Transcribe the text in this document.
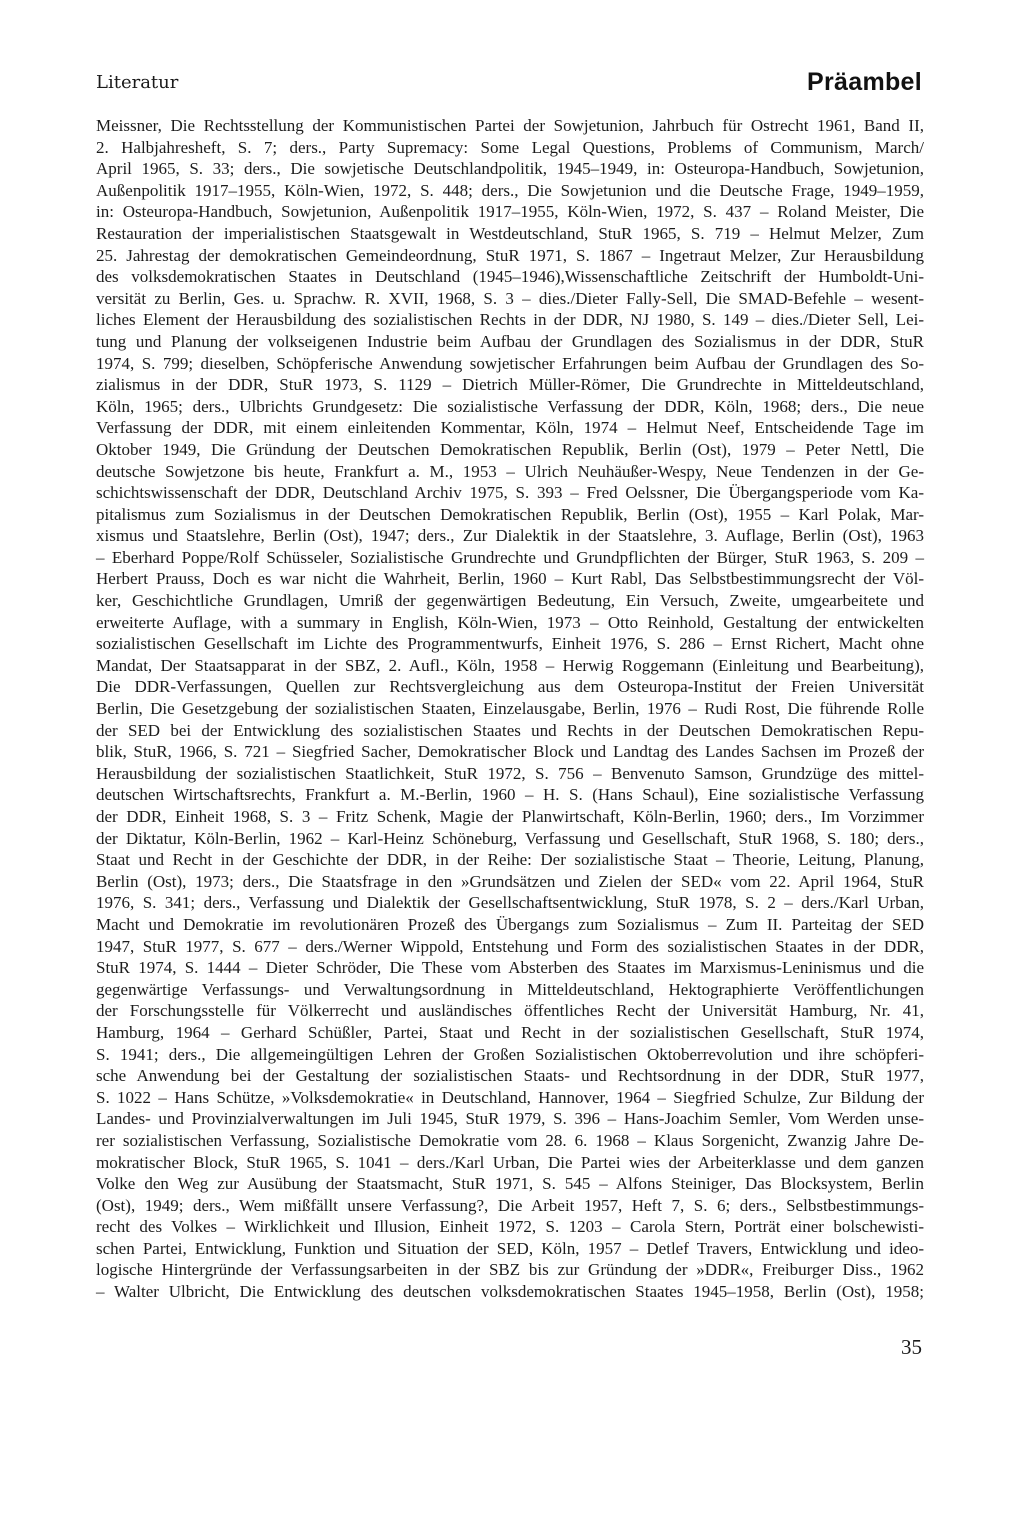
Literatur	Präambel
Meissner, Die Rechtsstellung der Kommunistischen Partei der Sowjetunion, Jahrbuch für Ostrecht 1961, Band II,
2. Halbjahresheft, S. 7; ders., Party Supremacy: Some Legal Questions, Problems of Communism, March/
April 1965, S. 33; ders., Die sowjetische Deutschlandpolitik, 1945–1949, in: Osteuropa-Handbuch, Sowjetunion,
Außenpolitik 1917–1955, Köln-Wien, 1972, S. 448; ders., Die Sowjetunion und die Deutsche Frage, 1949–1959,
in: Osteuropa-Handbuch, Sowjetunion, Außenpolitik 1917–1955, Köln-Wien, 1972, S. 437 – Roland Meister, Die
Restauration der imperialistischen Staatsgewalt in Westdeutschland, StuR 1965, S. 719 – Helmut Melzer, Zum
25. Jahrestag der demokratischen Gemeindeordnung, StuR 1971, S. 1867 – Ingetraut Melzer, Zur Herausbildung
des volksdemokratischen Staates in Deutschland (1945–1946),Wissenschaftliche Zeitschrift der Humboldt-Uni-
versität zu Berlin, Ges. u. Sprachw. R. XVII, 1968, S. 3 – dies./Dieter Fally-Sell, Die SMAD-Befehle – wesent-
liches Element der Herausbildung des sozialistischen Rechts in der DDR, NJ 1980, S. 149 – dies./Dieter Sell, Lei-
tung und Planung der volkseigenen Industrie beim Aufbau der Grundlagen des Sozialismus in der DDR, StuR
1974, S. 799; dieselben, Schöpferische Anwendung sowjetischer Erfahrungen beim Aufbau der Grundlagen des So-
zialismus in der DDR, StuR 1973, S. 1129 – Dietrich Müller-Römer, Die Grundrechte in Mitteldeutschland,
Köln, 1965; ders., Ulbrichts Grundgesetz: Die sozialistische Verfassung der DDR, Köln, 1968; ders., Die neue
Verfassung der DDR, mit einem einleitenden Kommentar, Köln, 1974 – Helmut Neef, Entscheidende Tage im
Oktober 1949, Die Gründung der Deutschen Demokratischen Republik, Berlin (Ost), 1979 – Peter Nettl, Die
deutsche Sowjetzone bis heute, Frankfurt a. M., 1953 – Ulrich Neuhäußer-Wespy, Neue Tendenzen in der Ge-
schichtswissenschaft der DDR, Deutschland Archiv 1975, S. 393 – Fred Oelssner, Die Übergangsperiode vom Ka-
pitalismus zum Sozialismus in der Deutschen Demokratischen Republik, Berlin (Ost), 1955 – Karl Polak, Mar-
xismus und Staatslehre, Berlin (Ost), 1947; ders., Zur Dialektik in der Staatslehre, 3. Auflage, Berlin (Ost), 1963
– Eberhard Poppe/Rolf Schüsseler, Sozialistische Grundrechte und Grundpflichten der Bürger, StuR 1963, S. 209 –
Herbert Prauss, Doch es war nicht die Wahrheit, Berlin, 1960 – Kurt Rabl, Das Selbstbestimmungsrecht der Völ-
ker, Geschichtliche Grundlagen, Umriß der gegenwärtigen Bedeutung, Ein Versuch, Zweite, umgearbeitete und
erweiterte Auflage, with a summary in English, Köln-Wien, 1973 – Otto Reinhold, Gestaltung der entwickelten
sozialistischen Gesellschaft im Lichte des Programmentwurfs, Einheit 1976, S. 286 – Ernst Richert, Macht ohne
Mandat, Der Staatsapparat in der SBZ, 2. Aufl., Köln, 1958 – Herwig Roggemann (Einleitung und Bearbeitung),
Die DDR-Verfassungen, Quellen zur Rechtsvergleichung aus dem Osteuropa-Institut der Freien Universität
Berlin, Die Gesetzgebung der sozialistischen Staaten, Einzelausgabe, Berlin, 1976 – Rudi Rost, Die führende Rolle
der SED bei der Entwicklung des sozialistischen Staates und Rechts in der Deutschen Demokratischen Repu-
blik, StuR, 1966, S. 721 – Siegfried Sacher, Demokratischer Block und Landtag des Landes Sachsen im Prozeß der
Herausbildung der sozialistischen Staatlichkeit, StuR 1972, S. 756 – Benvenuto Samson, Grundzüge des mittel-
deutschen Wirtschaftsrechts, Frankfurt a. M.-Berlin, 1960 – H. S. (Hans Schaul), Eine sozialistische Verfassung
der DDR, Einheit 1968, S. 3 – Fritz Schenk, Magie der Planwirtschaft, Köln-Berlin, 1960; ders., Im Vorzimmer
der Diktatur, Köln-Berlin, 1962 – Karl-Heinz Schöneburg, Verfassung und Gesellschaft, StuR 1968, S. 180; ders.,
Staat und Recht in der Geschichte der DDR, in der Reihe: Der sozialistische Staat – Theorie, Leitung, Planung,
Berlin (Ost), 1973; ders., Die Staatsfrage in den »Grundsätzen und Zielen der SED« vom 22. April 1964, StuR
1976, S. 341; ders., Verfassung und Dialektik der Gesellschaftsentwicklung, StuR 1978, S. 2 – ders./Karl Urban,
Macht und Demokratie im revolutionären Prozeß des Übergangs zum Sozialismus – Zum II. Parteitag der SED
1947, StuR 1977, S. 677 – ders./Werner Wippold, Entstehung und Form des sozialistischen Staates in der DDR,
StuR 1974, S. 1444 – Dieter Schröder, Die These vom Absterben des Staates im Marxismus-Leninismus und die
gegenwärtige Verfassungs- und Verwaltungsordnung in Mitteldeutschland, Hektographierte Veröffentlichungen
der Forschungsstelle für Völkerrecht und ausländisches öffentliches Recht der Universität Hamburg, Nr. 41,
Hamburg, 1964 – Gerhard Schüßler, Partei, Staat und Recht in der sozialistischen Gesellschaft, StuR 1974,
S. 1941; ders., Die allgemeingültigen Lehren der Großen Sozialistischen Oktoberrevolution und ihre schöpferi-
sche Anwendung bei der Gestaltung der sozialistischen Staats- und Rechtsordnung in der DDR, StuR 1977,
S. 1022 – Hans Schütze, »Volksdemokratie« in Deutschland, Hannover, 1964 – Siegfried Schulze, Zur Bildung der
Landes- und Provinzialverwaltungen im Juli 1945, StuR 1979, S. 396 – Hans-Joachim Semler, Vom Werden unse-
rer sozialistischen Verfassung, Sozialistische Demokratie vom 28. 6. 1968 – Klaus Sorgenicht, Zwanzig Jahre De-
mokratischer Block, StuR 1965, S. 1041 – ders./Karl Urban, Die Partei wies der Arbeiterklasse und dem ganzen
Volke den Weg zur Ausübung der Staatsmacht, StuR 1971, S. 545 – Alfons Steiniger, Das Blocksystem, Berlin
(Ost), 1949; ders., Wem mißfällt unsere Verfassung?, Die Arbeit 1957, Heft 7, S. 6; ders., Selbstbestimmungs-
recht des Volkes – Wirklichkeit und Illusion, Einheit 1972, S. 1203 – Carola Stern, Porträt einer bolschewisti-
schen Partei, Entwicklung, Funktion und Situation der SED, Köln, 1957 – Detlef Travers, Entwicklung und ideo-
logische Hintergründe der Verfassungsarbeiten in der SBZ bis zur Gründung der »DDR«, Freiburger Diss., 1962
– Walter Ulbricht, Die Entwicklung des deutschen volksdemokratischen Staates 1945–1958, Berlin (Ost), 1958;
35
